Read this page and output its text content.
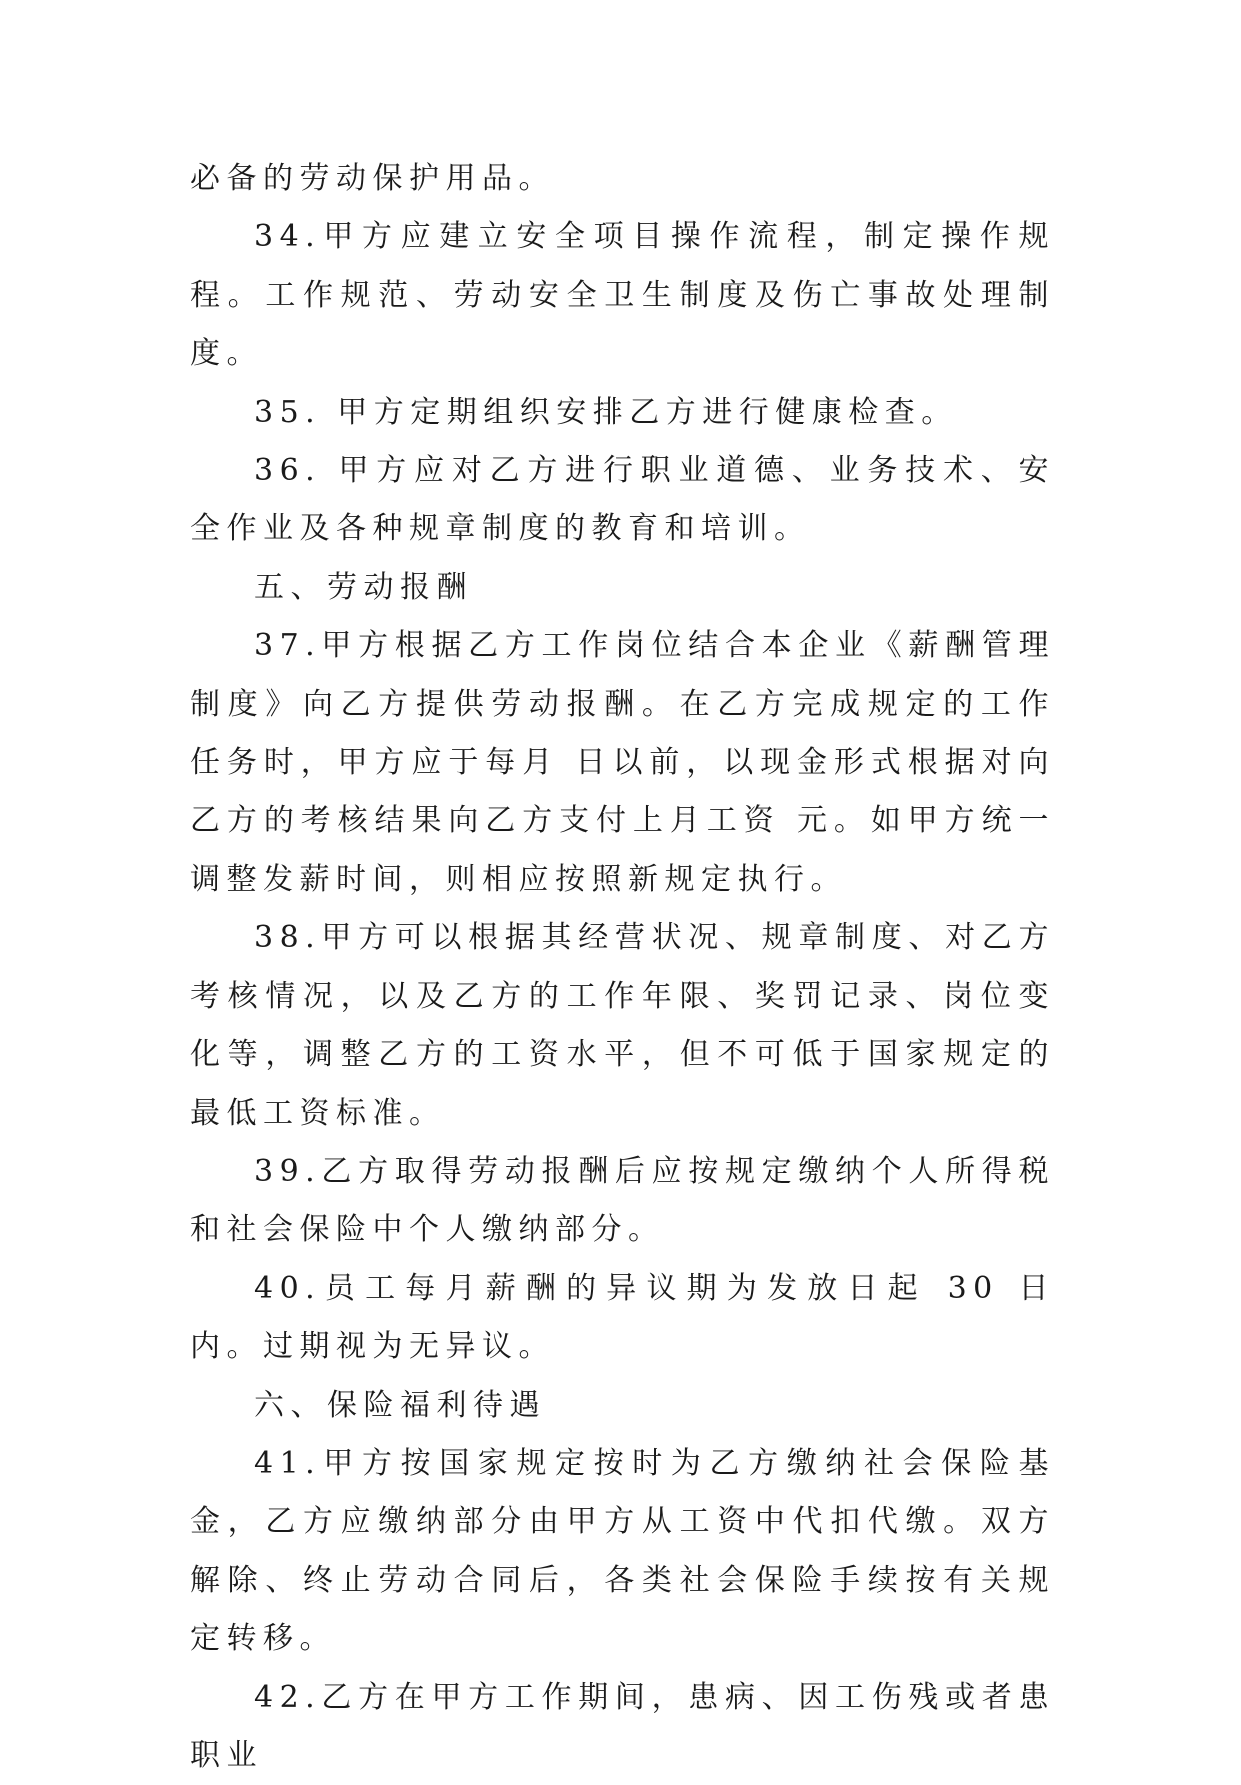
必备的劳动保护用品。

34.甲方应建立安全项目操作流程，制定操作规程。工作规范、劳动安全卫生制度及伤亡事故处理制度。

35. 甲方定期组织安排乙方进行健康检查。

36. 甲方应对乙方进行职业道德、业务技术、安全作业及各种规章制度的教育和培训。

五、劳动报酬

37.甲方根据乙方工作岗位结合本企业《薪酬管理制度》向乙方提供劳动报酬。在乙方完成规定的工作任务时，甲方应于每月 日以前，以现金形式根据对向乙方的考核结果向乙方支付上月工资 元。如甲方统一调整发薪时间，则相应按照新规定执行。

38.甲方可以根据其经营状况、规章制度、对乙方考核情况，以及乙方的工作年限、奖罚记录、岗位变化等，调整乙方的工资水平，但不可低于国家规定的最低工资标准。

39.乙方取得劳动报酬后应按规定缴纳个人所得税和社会保险中个人缴纳部分。

40.员工每月薪酬的异议期为发放日起 30 日内。过期视为无异议。

六、保险福利待遇

41.甲方按国家规定按时为乙方缴纳社会保险基金，乙方应缴纳部分由甲方从工资中代扣代缴。双方解除、终止劳动合同后，各类社会保险手续按有关规定转移。

42.乙方在甲方工作期间，患病、因工伤残或者患职业
